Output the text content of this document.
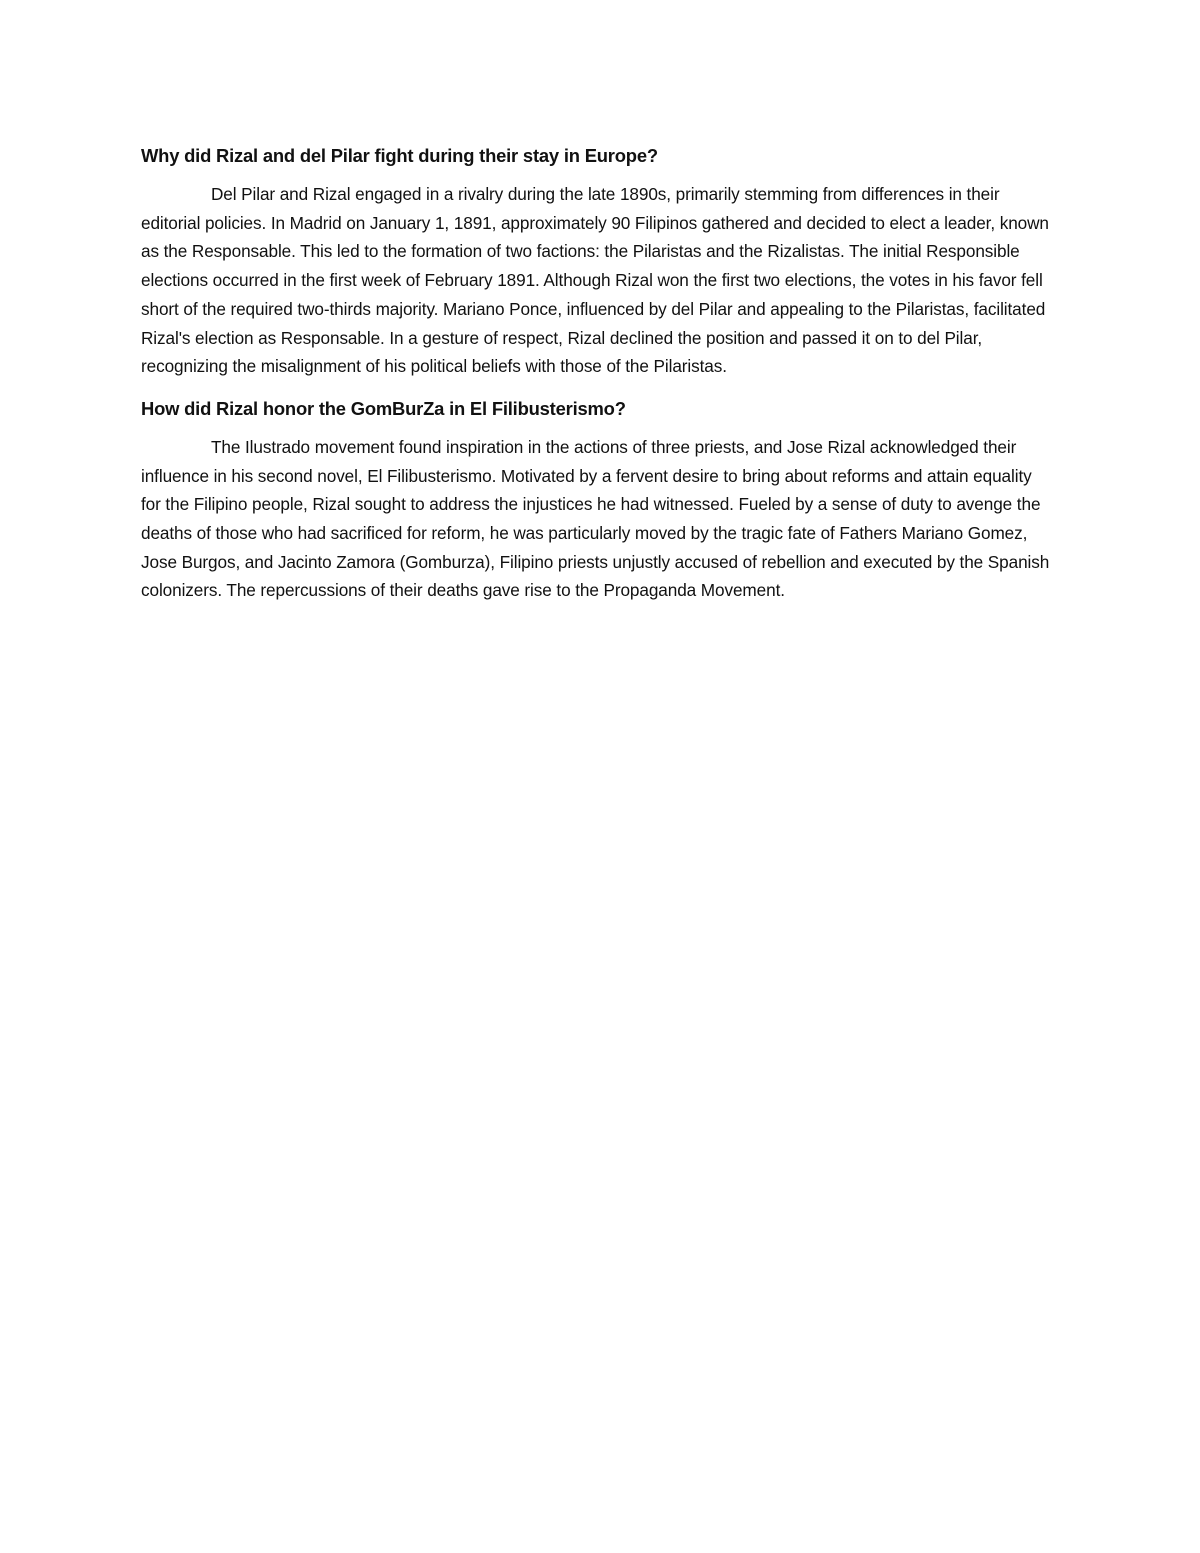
Why did Rizal and del Pilar fight during their stay in Europe?

Del Pilar and Rizal engaged in a rivalry during the late 1890s, primarily stemming from differences in their editorial policies. In Madrid on January 1, 1891, approximately 90 Filipinos gathered and decided to elect a leader, known as the Responsable. This led to the formation of two factions: the Pilaristas and the Rizalistas. The initial Responsible elections occurred in the first week of February 1891. Although Rizal won the first two elections, the votes in his favor fell short of the required two-thirds majority. Mariano Ponce, influenced by del Pilar and appealing to the Pilaristas, facilitated Rizal's election as Responsable. In a gesture of respect, Rizal declined the position and passed it on to del Pilar, recognizing the misalignment of his political beliefs with those of the Pilaristas.

How did Rizal honor the GomBurZa in El Filibusterismo?

The Ilustrado movement found inspiration in the actions of three priests, and Jose Rizal acknowledged their influence in his second novel, El Filibusterismo. Motivated by a fervent desire to bring about reforms and attain equality for the Filipino people, Rizal sought to address the injustices he had witnessed. Fueled by a sense of duty to avenge the deaths of those who had sacrificed for reform, he was particularly moved by the tragic fate of Fathers Mariano Gomez, Jose Burgos, and Jacinto Zamora (Gomburza), Filipino priests unjustly accused of rebellion and executed by the Spanish colonizers. The repercussions of their deaths gave rise to the Propaganda Movement.
